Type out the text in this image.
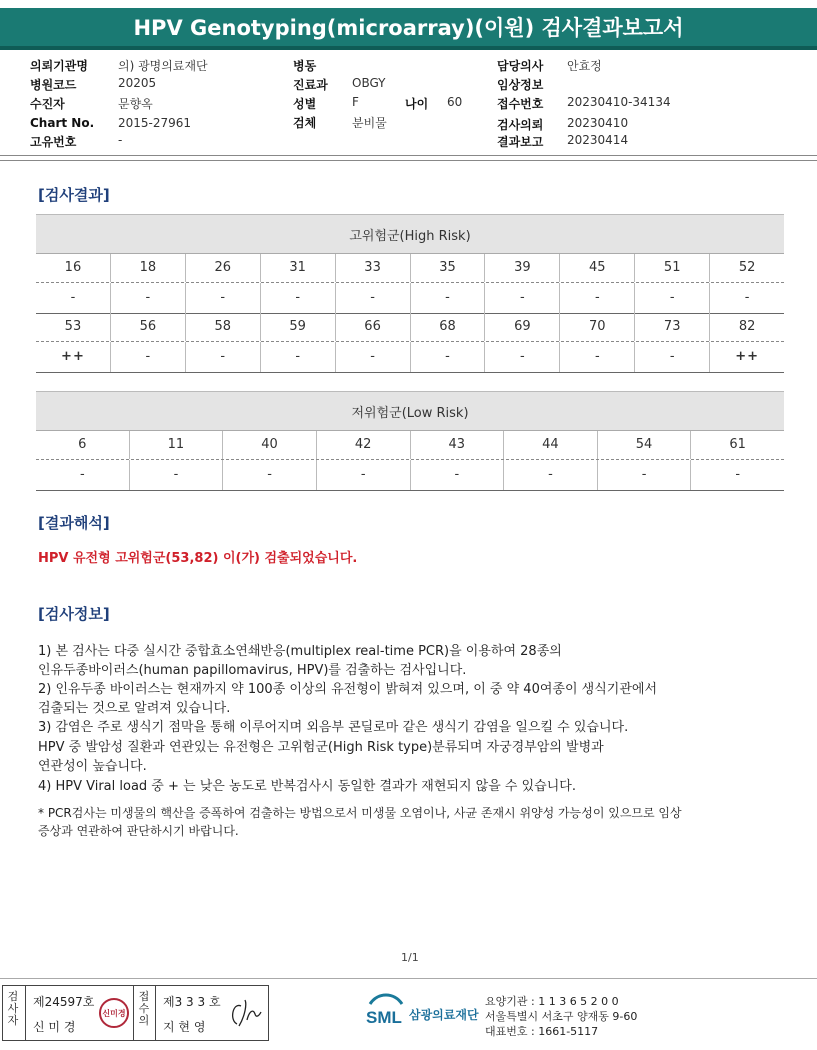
HPV Genotyping(microarray)(이원) 검사결과보고서
의뢰기관명	의) 광명의료재단
병원코드	20205
수진자	문향옥
Chart No. 2015-27961
고유번호	-
병동
진료과 OBGY
성별	F	나이 60
검체	분비물
담당의사 안효정
임상정보
접수번호 20230410-34134
검사의뢰 20230410
결과보고 20230414
[검사결과]
고위험군(High Risk)
16	18	26	31	33	35	39	45	51	52
-	-	-	-	-	-	-	-	-	-
53	56	58	59	66	68	69	70	73	82
++	-	-	-	-	-	-	-	-	++
저위험군(Low Risk)
6	11	40	42	43	44	54	61
-	-	-	-	-	-	-	-
[결과해석]
HPV 유전형 고위험군(53,82) 이(가) 검출되었습니다.
[검사정보]
1) 본 검사는 다중 실시간 중합효소연쇄반응(multiplex real-time PCR)을 이용하여 28종의
인유두종바이러스(human papillomavirus, HPV)를 검출하는 검사입니다.
2) 인유두종 바이러스는 현재까지 약 100종 이상의 유전형이 밝혀져 있으며, 이 중 약 40여종이 생식기관에서
검출되는 것으로 알려져 있습니다.
3) 감염은 주로 생식기 점막을 통해 이루어지며 외음부 콘딜로마 같은 생식기 감염을 일으킬 수 있습니다.
HPV 중 발암성 질환과 연관있는 유전형은 고위험군(High Risk type)분류되며 자궁경부암의 발병과
연관성이 높습니다.
4) HPV Viral load 중 + 는 낮은 농도로 반복검사시 동일한 결과가 재현되지 않을 수 있습니다.
* PCR검사는 미생물의 핵산을 증폭하여 검출하는 방법으로서 미생물 오염이나, 사균 존재시 위양성 가능성이 있으므로 임상
증상과 연관하여 판단하시기 바랍니다.
1/1
검
사
자
제24597호
신 미 경
신미경
접
수
의
제3 3 3 호
지 현 영	SML 삼광의료재단
요양기관 : 1 1 3 6 5 2 0 0
서울특별시 서초구 양재동 9-60
대표번호 : 1661-5117
